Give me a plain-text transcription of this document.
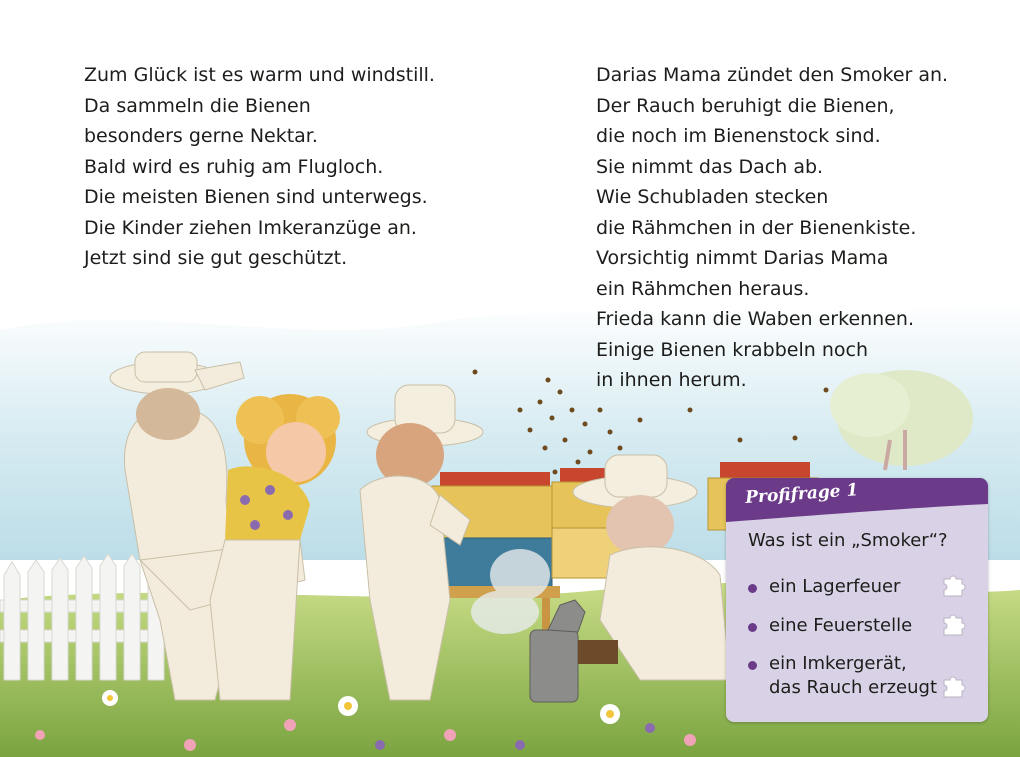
Zum Glück ist es warm und windstill.
Da sammeln die Bienen
besonders gerne Nektar.
Bald wird es ruhig am Flugloch.
Die meisten Bienen sind unterwegs.
Die Kinder ziehen Imkeranzüge an.
Jetzt sind sie gut geschützt.
Darias Mama zündet den Smoker an.
Der Rauch beruhigt die Bienen,
die noch im Bienenstock sind.
Sie nimmt das Dach ab.
Wie Schubladen stecken
die Rähmchen in der Bienenkiste.
Vorsichtig nimmt Darias Mama
ein Rähmchen heraus.
Frieda kann die Waben erkennen.
Einige Bienen krabbeln noch
in ihnen herum.
Profifrage 1
Was ist ein „Smoker“?
ein Lagerfeuer
eine Feuerstelle
ein Imkergerät,
das Rauch erzeugt
